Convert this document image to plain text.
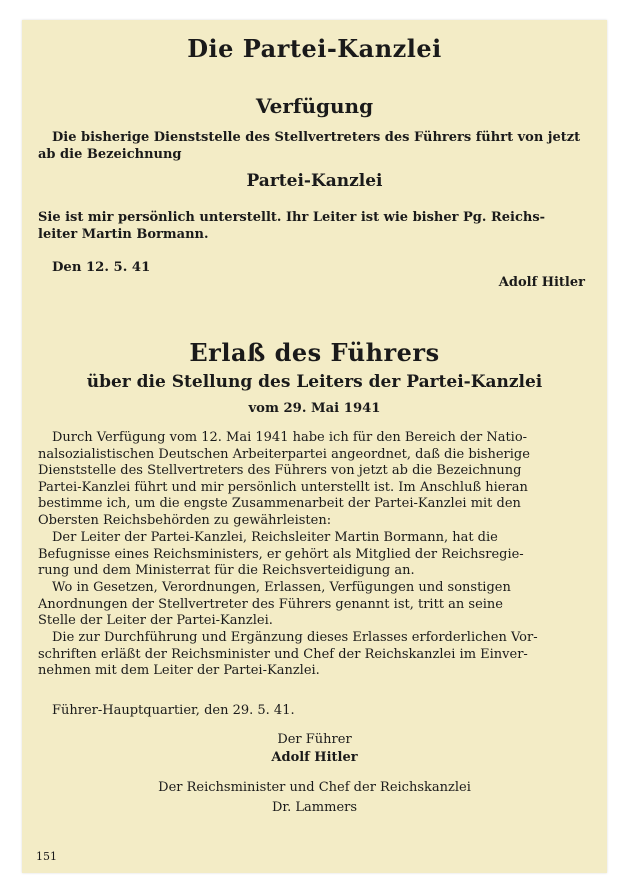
Die Partei-Kanzlei
Verfügung
Die bisherige Dienststelle des Stellvertreters des Führers führt von jetzt
ab die Bezeichnung
Partei-Kanzlei
Sie ist mir persönlich unterstellt. Ihr Leiter ist wie bisher Pg. Reichs-
leiter Martin Bormann.
Den 12. 5. 41
Adolf Hitler
Erlaß des Führers
über die Stellung des Leiters der Partei-Kanzlei
vom 29. Mai 1941
Durch Verfügung vom 12. Mai 1941 habe ich für den Bereich der Natio-
nalsozialistischen Deutschen Arbeiterpartei angeordnet, daß die bisherige
Dienststelle des Stellvertreters des Führers von jetzt ab die Bezeichnung
Partei-Kanzlei führt und mir persönlich unterstellt ist. Im Anschluß hieran
bestimme ich, um die engste Zusammenarbeit der Partei-Kanzlei mit den
Obersten Reichsbehörden zu gewährleisten:
Der Leiter der Partei-Kanzlei, Reichsleiter Martin Bormann, hat die
Befugnisse eines Reichsministers, er gehört als Mitglied der Reichsregie-
rung und dem Ministerrat für die Reichsverteidigung an.
Wo in Gesetzen, Verordnungen, Erlassen, Verfügungen und sonstigen
Anordnungen der Stellvertreter des Führers genannt ist, tritt an seine
Stelle der Leiter der Partei-Kanzlei.
Die zur Durchführung und Ergänzung dieses Erlasses erforderlichen Vor-
schriften erläßt der Reichsminister und Chef der Reichskanzlei im Einver-
nehmen mit dem Leiter der Partei-Kanzlei.
Führer-Hauptquartier, den 29. 5. 41.
Der Führer
Adolf Hitler
Der Reichsminister und Chef der Reichskanzlei
Dr. Lammers
151
